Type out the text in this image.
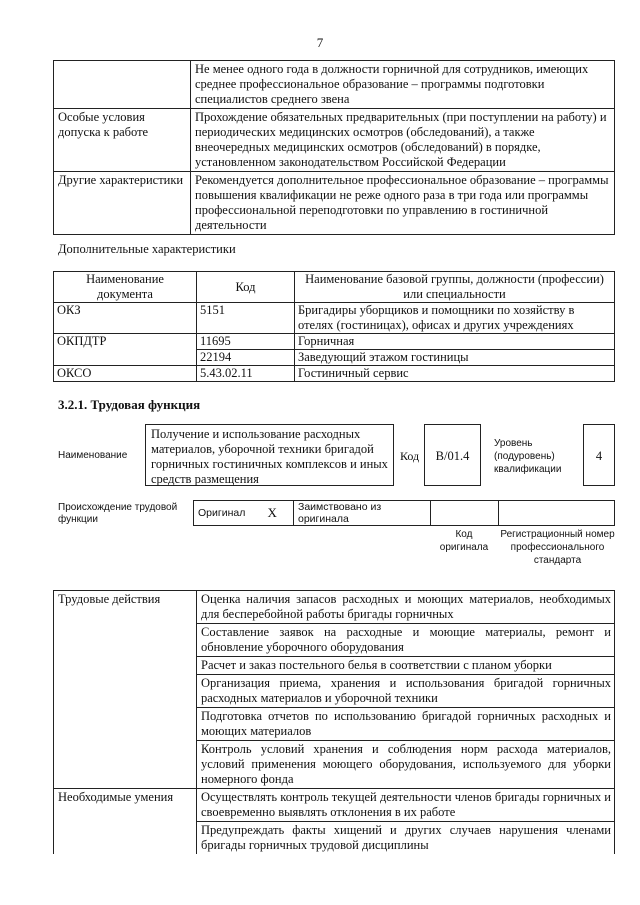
7
	Не менее одного года в должности горничной для сотрудников, имеющих среднее профессиональное образование – программы подготовки специалистов среднего звена
Особые условия допуска к работе	Прохождение обязательных предварительных (при поступлении на работу) и периодических медицинских осмотров (обследований), а также внеочередных медицинских осмотров (обследований) в порядке, установленном законодательством Российской Федерации
Другие характеристики	Рекомендуется дополнительное профессиональное образование – программы повышения квалификации не реже одного раза в три года или программы профессиональной переподготовки по управлению в гостиничной деятельности
Дополнительные характеристики
Наименование документа	Код	Наименование базовой группы, должности (профессии) или специальности
ОКЗ	5151	Бригадиры уборщиков и помощники по хозяйству в отелях (гостиницах), офисах и других учреждениях
ОКПДТР	11695	Горничная
	22194	Заведующий этажом гостиницы
ОКСО	5.43.02.11	Гостиничный сервис
3.2.1. Трудовая функция
Наименование
Получение и использование расходных материалов, уборочной техники бригадой горничных гостиничных комплексов и иных средств размещения
Код	B/01.4
Уровень (подуровень) квалификации
4
Происхождение трудовой функции
Оригинал	X	Заимствовано из оригинала		
Код оригинала
Регистрационный номер профессионального стандарта
Трудовые действия	Оценка наличия запасов расходных и моющих материалов, необходимых для бесперебойной работы бригады горничных
	Составление заявок на расходные и моющие материалы, ремонт и обновление уборочного оборудования
	Расчет и заказ постельного белья в соответствии с планом уборки
	Организация приема, хранения и использования бригадой горничных расходных материалов и уборочной техники
	Подготовка отчетов по использованию бригадой горничных расходных и моющих материалов
	Контроль условий хранения и соблюдения норм расхода материалов, условий применения моющего оборудования, используемого для уборки номерного фонда
Необходимые умения	Осуществлять контроль текущей деятельности членов бригады горничных и своевременно выявлять отклонения в их работе
	Предупреждать факты хищений и других случаев нарушения членами бригады горничных трудовой дисциплины
